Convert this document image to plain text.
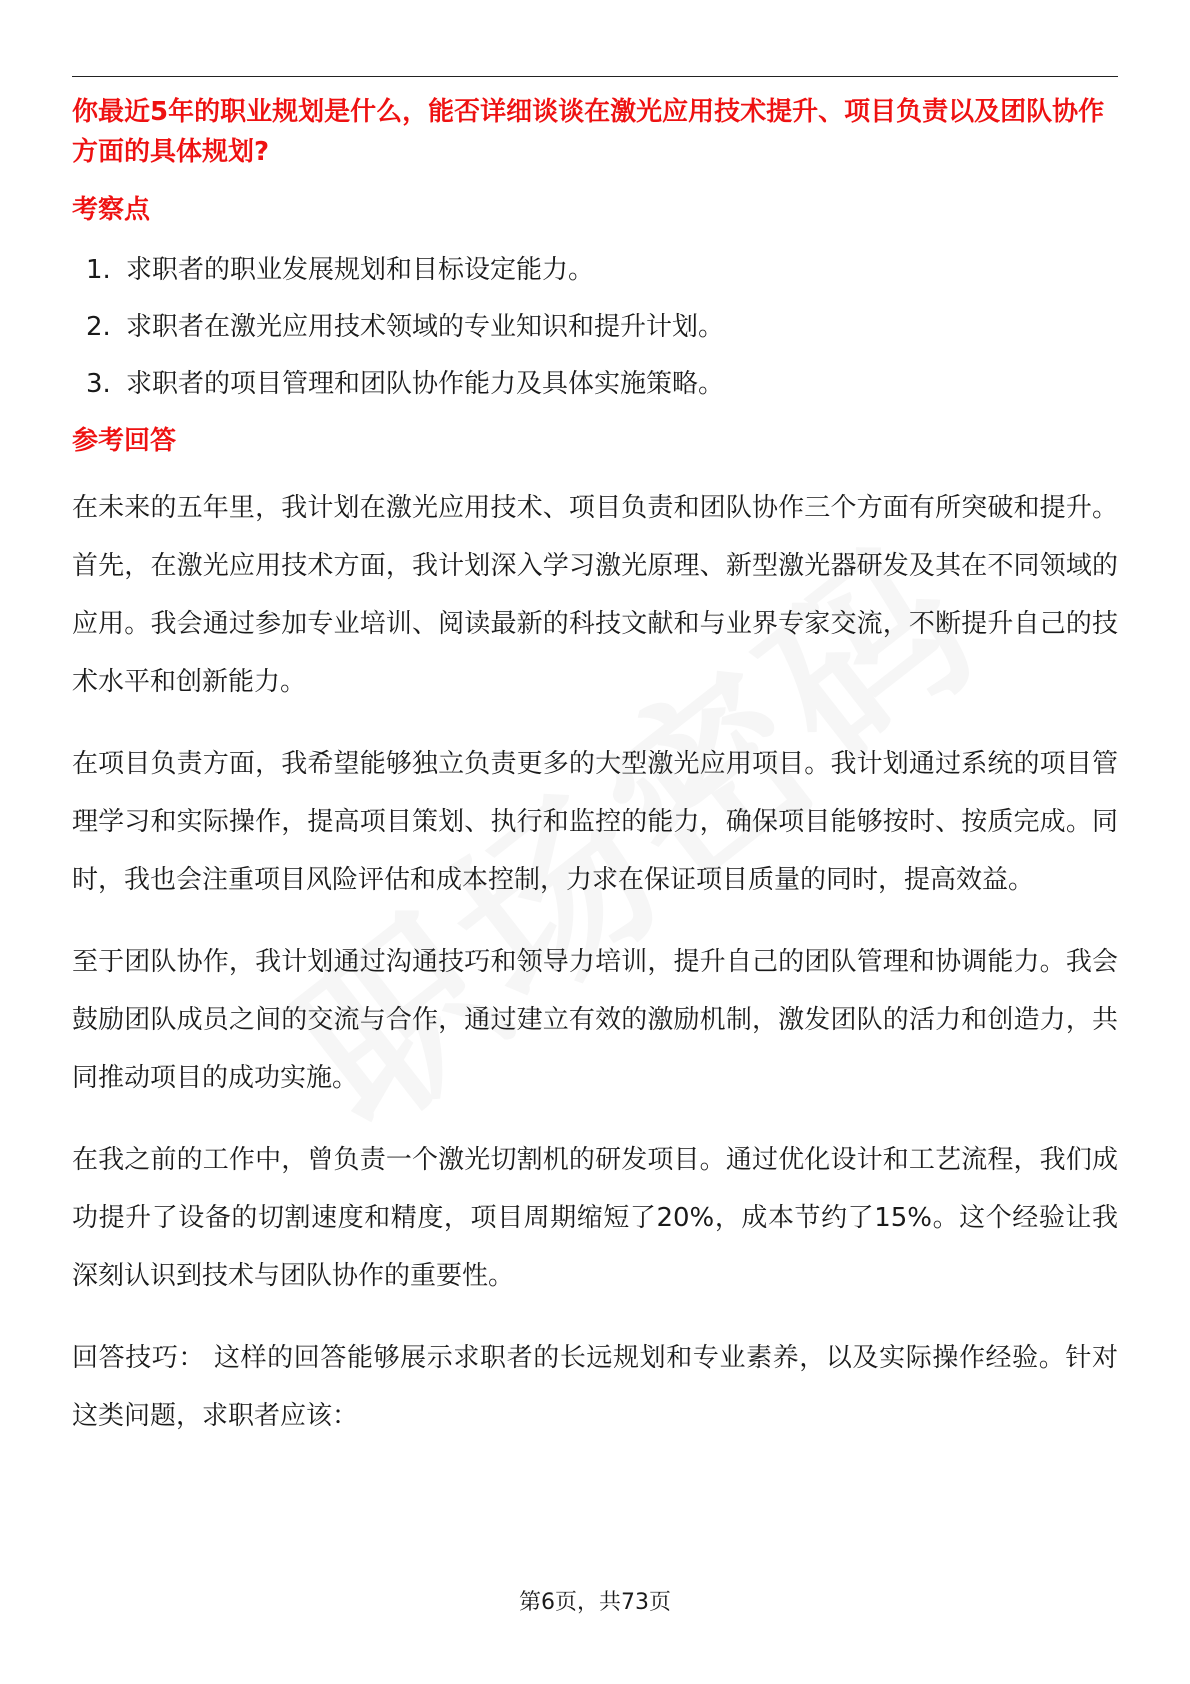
你最近5年的职业规划是什么，能否详细谈谈在激光应用技术提升、项目负责以及团队协作方面的具体规划?

考察点

1. 求职者的职业发展规划和目标设定能力。
2. 求职者在激光应用技术领域的专业知识和提升计划。
3. 求职者的项目管理和团队协作能力及具体实施策略。

参考回答

在未来的五年里，我计划在激光应用技术、项目负责和团队协作三个方面有所突破和提升。首先，在激光应用技术方面，我计划深入学习激光原理、新型激光器研发及其在不同领域的应用。我会通过参加专业培训、阅读最新的科技文献和与业界专家交流，不断提升自己的技术水平和创新能力。

在项目负责方面，我希望能够独立负责更多的大型激光应用项目。我计划通过系统的项目管理学习和实际操作，提高项目策划、执行和监控的能力，确保项目能够按时、按质完成。同时，我也会注重项目风险评估和成本控制，力求在保证项目质量的同时，提高效益。

至于团队协作，我计划通过沟通技巧和领导力培训，提升自己的团队管理和协调能力。我会鼓励团队成员之间的交流与合作，通过建立有效的激励机制，激发团队的活力和创造力，共同推动项目的成功实施。

在我之前的工作中，曾负责一个激光切割机的研发项目。通过优化设计和工艺流程，我们成功提升了设备的切割速度和精度，项目周期缩短了20%，成本节约了15%。这个经验让我深刻认识到技术与团队协作的重要性。

回答技巧： 这样的回答能够展示求职者的长远规划和专业素养，以及实际操作经验。针对这类问题，求职者应该：

第6页，共73页
